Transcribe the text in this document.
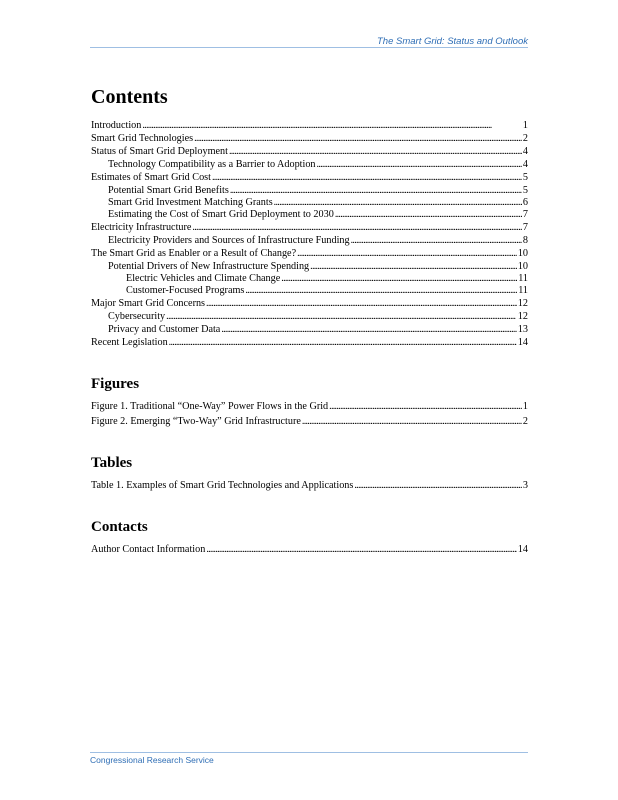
The Smart Grid: Status and Outlook
Contents
Introduction . . .	1
Smart Grid Technologies . . .	2
Status of Smart Grid Deployment . . .	4
Technology Compatibility as a Barrier to Adoption . . .	4
Estimates of Smart Grid Cost . . .	5
Potential Smart Grid Benefits . . .	5
Smart Grid Investment Matching Grants . . .	6
Estimating the Cost of Smart Grid Deployment to 2030 . . .	7
Electricity Infrastructure . . .	7
Electricity Providers and Sources of Infrastructure Funding . . .	8
The Smart Grid as Enabler or a Result of Change? . . .	10
Potential Drivers of New Infrastructure Spending . . .	10
Electric Vehicles and Climate Change . . .	11
Customer-Focused Programs . . .	11
Major Smart Grid Concerns . . .	12
Cybersecurity . . .	12
Privacy and Customer Data . . .	13
Recent Legislation . . .	14
Figures
Figure 1. Traditional “One-Way” Power Flows in the Grid . . .	1
Figure 2. Emerging “Two-Way” Grid Infrastructure . . .	2
Tables
Table 1. Examples of Smart Grid Technologies and Applications . . .	3
Contacts
Author Contact Information . . .	14
Congressional Research Service
